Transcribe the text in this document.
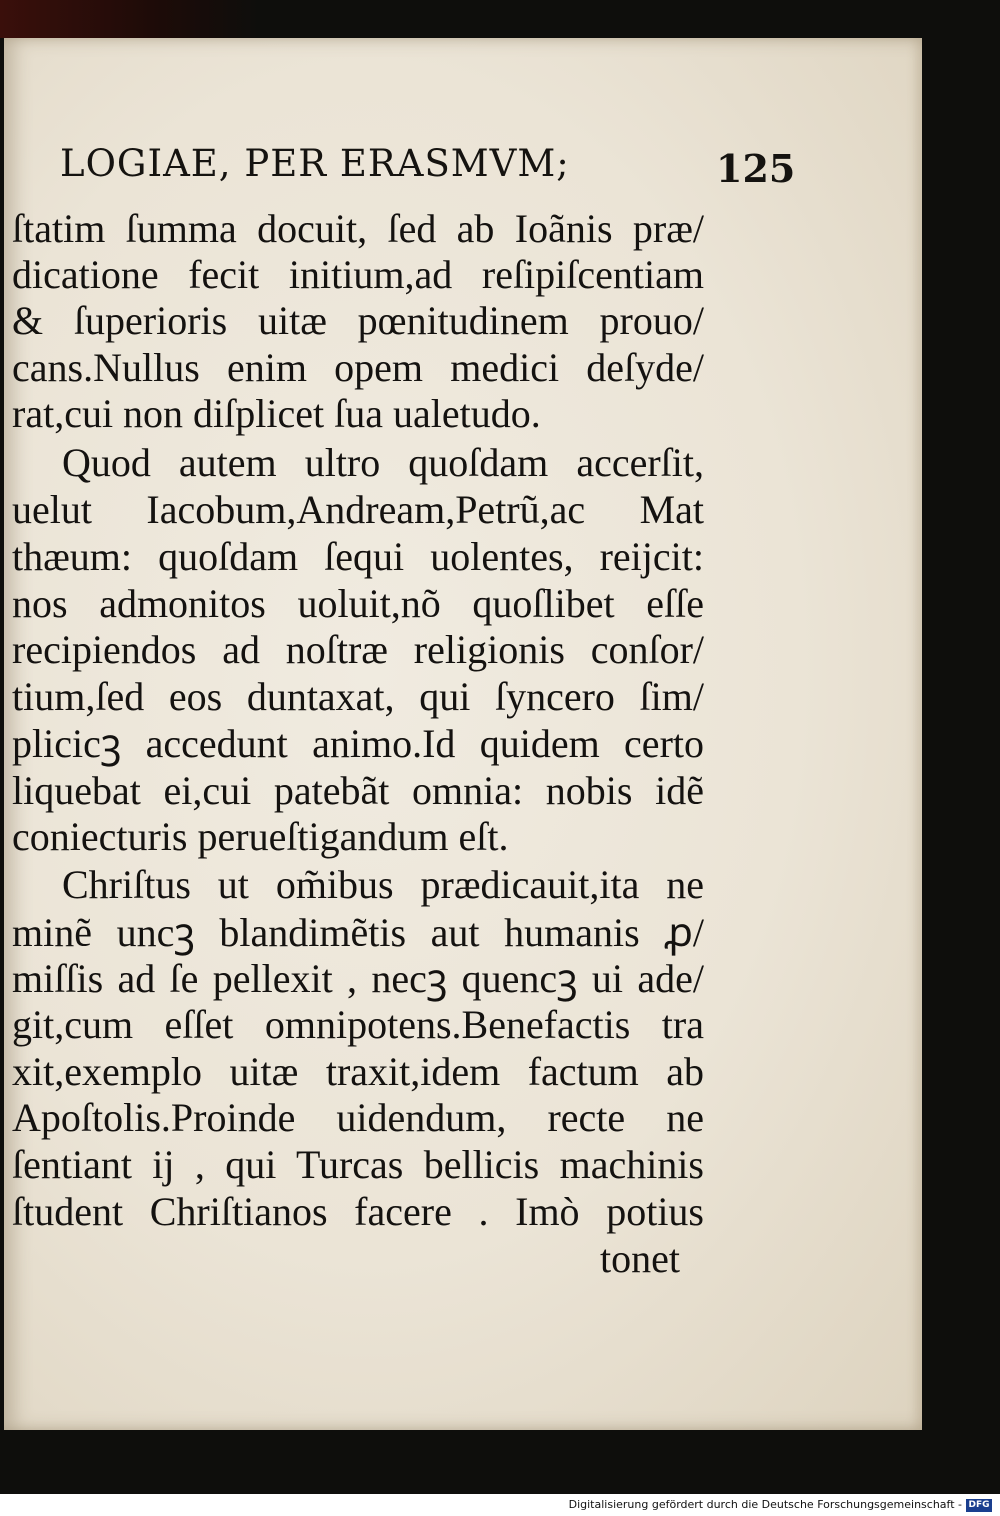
LOGIAE, PER ERASMVM;	125
ſtatim ſumma docuit, ſed ab Ioãnis præ/
dicatione fecit initium,ad reſipiſcentiam
& ſuperioris uitæ pœnitudinem prouo/
cans.Nullus enim opem medici deſyde/
rat,cui non diſplicet ſua ualetudo.
Quod autem ultro quoſdam accerſit,
uelut Iacobum,Andream,Petrũ,ac Mat
thæum: quoſdam ſequi uolentes, reijcit:
nos admonitos uoluit,nõ quoſlibet eſſe
recipiendos ad noſtræ religionis conſor/
tium,ſed eos duntaxat, qui ſyncero ſim/
plicicꝫ accedunt animo.Id quidem certo
liquebat ei,cui patebãt omnia: nobis idẽ
coniecturis perueſtigandum eſt.
Chriſtus ut om̃ibus prædicauit,ita ne
minẽ uncꝫ blandimẽtis aut humanis ꝓ/
miſſis ad ſe pellexit , necꝫ quencꝫ ui ade/
git,cum eſſet omnipotens.Benefactis tra
xit,exemplo uitæ traxit,idem factum ab
Apoſtolis.Proinde uidendum, recte ne
ſentiant ij , qui Turcas bellicis machinis
ſtudent Chriſtianos facere . Imò potius
tonet
Digitalisierung gefördert durch die Deutsche Forschungsgemeinschaft - DFG
